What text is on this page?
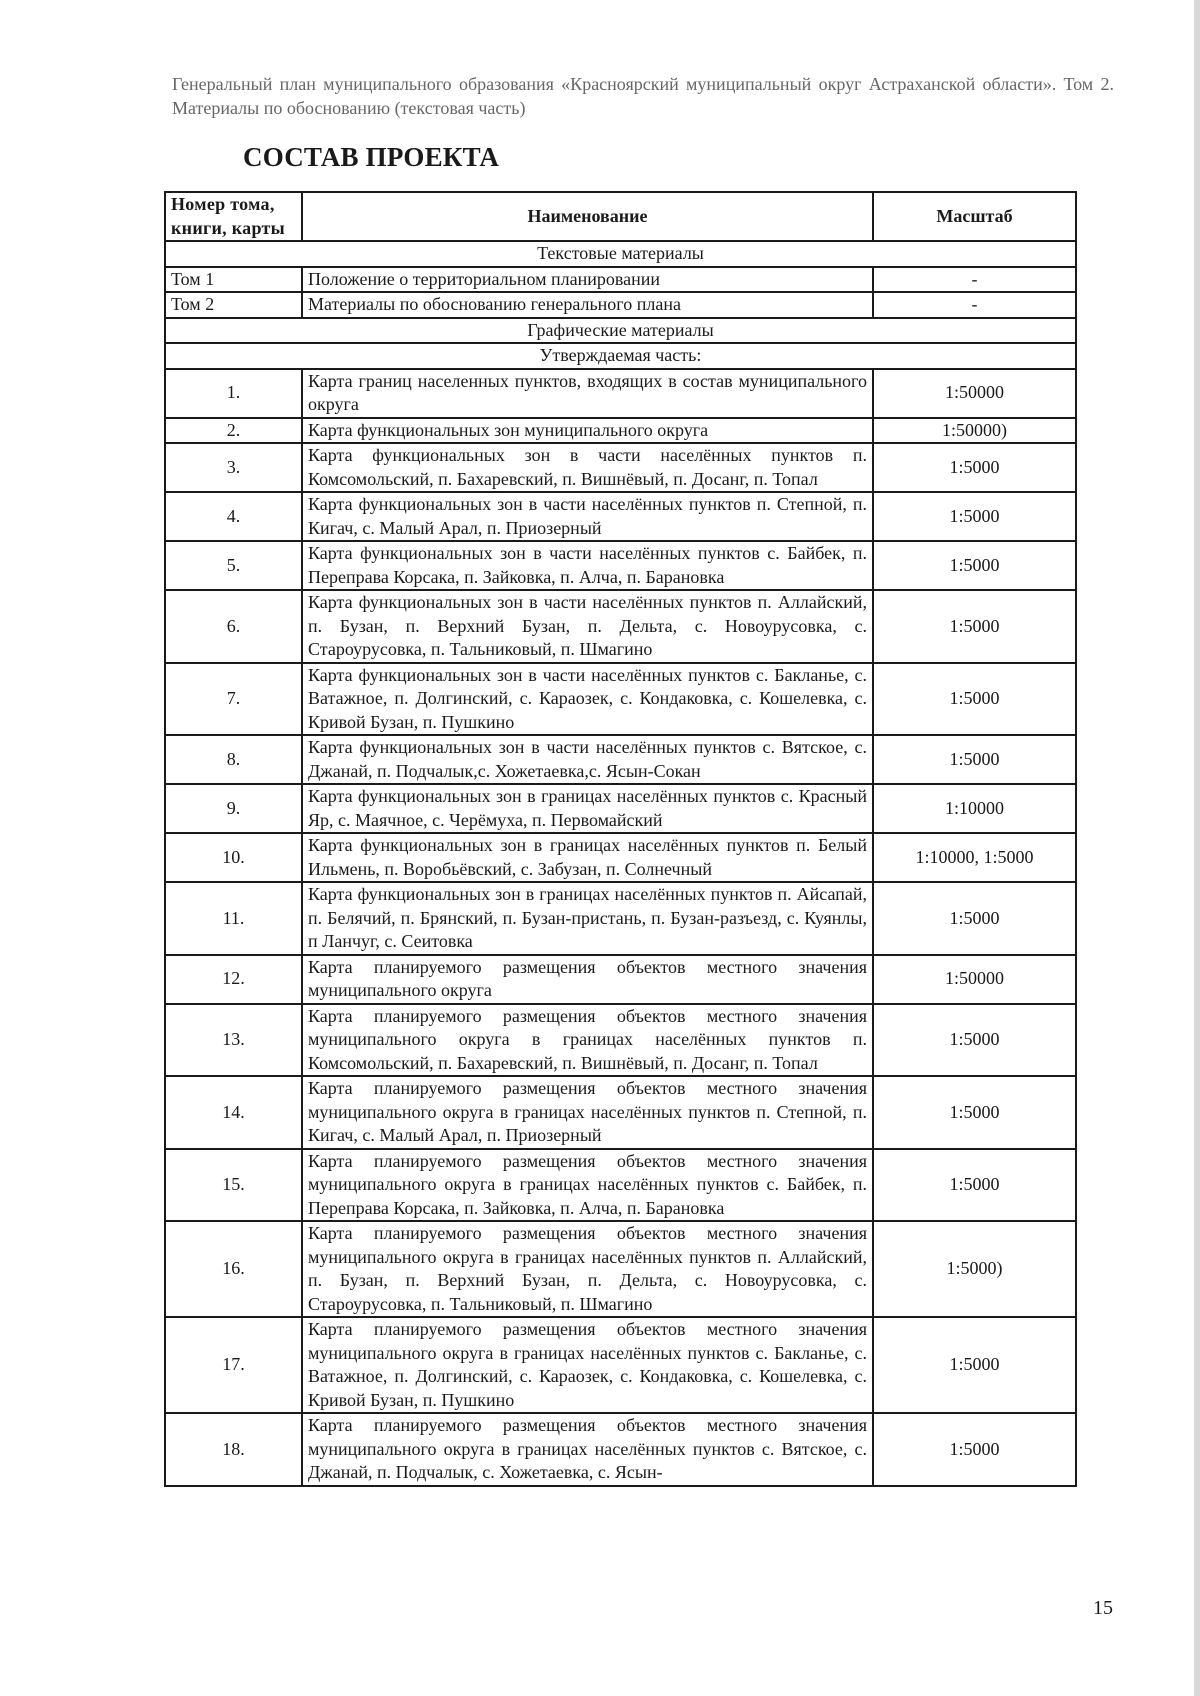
Генеральный план муниципального образования «Красноярский муниципальный округ Астраханской области». Том 2. Материалы по обоснованию (текстовая часть)
СОСТАВ ПРОЕКТА
Номер тома, книги, карты	Наименование	Масштаб
Текстовые материалы		
Том 1	Положение о территориальном планировании	-
Том 2	Материалы по обоснованию генерального плана	-
Графические материалы		
Утверждаемая часть:		
1.	Карта границ населенных пунктов, входящих в состав муниципального округа	1:50000
2.	Карта функциональных зон муниципального округа	1:50000)
3.	Карта функциональных зон в части населённых пунктов п. Комсомольский, п. Бахаревский, п. Вишнёвый, п. Досанг, п. Топал	1:5000
4.	Карта функциональных зон в части населённых пунктов п. Степной, п. Кигач, с. Малый Арал, п. Приозерный	1:5000
5.	Карта функциональных зон в части населённых пунктов с. Байбек, п. Переправа Корсака, п. Зайковка, п. Алча, п. Барановка	1:5000
6.	Карта функциональных зон в части населённых пунктов п. Аллайский, п. Бузан, п. Верхний Бузан, п. Дельта, с. Новоурусовка, с. Староурусовка, п. Тальниковый, п. Шмагино	1:5000
7.	Карта функциональных зон в части населённых пунктов с. Бакланье, с. Ватажное, п. Долгинский, с. Караозек, с. Кондаковка, с. Кошелевка, с. Кривой Бузан, п. Пушкино	1:5000
8.	Карта функциональных зон в части населённых пунктов с. Вятское, с. Джанай, п. Подчалык,с. Хожетаевка,с. Ясын-Сокан	1:5000
9.	Карта функциональных зон в границах населённых пунктов с. Красный Яр, с. Маячное, с. Черёмуха, п. Первомайский	1:10000
10.	Карта функциональных зон в границах населённых пунктов п. Белый Ильмень, п. Воробьёвский, с. Забузан, п. Солнечный	1:10000, 1:5000
11.	Карта функциональных зон в границах населённых пунктов п. Айсапай, п. Белячий, п. Брянский, п. Бузан-пристань, п. Бузан-разъезд, с. Куянлы, п Ланчуг, с. Сеитовка	1:5000
12.	Карта планируемого размещения объектов местного значения муниципального округа	1:50000
13.	Карта планируемого размещения объектов местного значения муниципального округа в границах населённых пунктов п. Комсомольский, п. Бахаревский, п. Вишнёвый, п. Досанг, п. Топал	1:5000
14.	Карта планируемого размещения объектов местного значения муниципального округа в границах населённых пунктов п. Степной, п. Кигач, с. Малый Арал, п. Приозерный	1:5000
15.	Карта планируемого размещения объектов местного значения муниципального округа в границах населённых пунктов с. Байбек, п. Переправа Корсака, п. Зайковка, п. Алча, п. Барановка	1:5000
16.	Карта планируемого размещения объектов местного значения муниципального округа в границах населённых пунктов п. Аллайский, п. Бузан, п. Верхний Бузан, п. Дельта, с. Новоурусовка, с. Староурусовка, п. Тальниковый, п. Шмагино	1:5000)
17.	Карта планируемого размещения объектов местного значения муниципального округа в границах населённых пунктов с. Бакланье, с. Ватажное, п. Долгинский, с. Караозек, с. Кондаковка, с. Кошелевка, с. Кривой Бузан, п. Пушкино	1:5000
18.	Карта планируемого размещения объектов местного значения муниципального округа в границах населённых пунктов с. Вятское, с. Джанай, п. Подчалык, с. Хожетаевка, с. Ясын-	1:5000
15
